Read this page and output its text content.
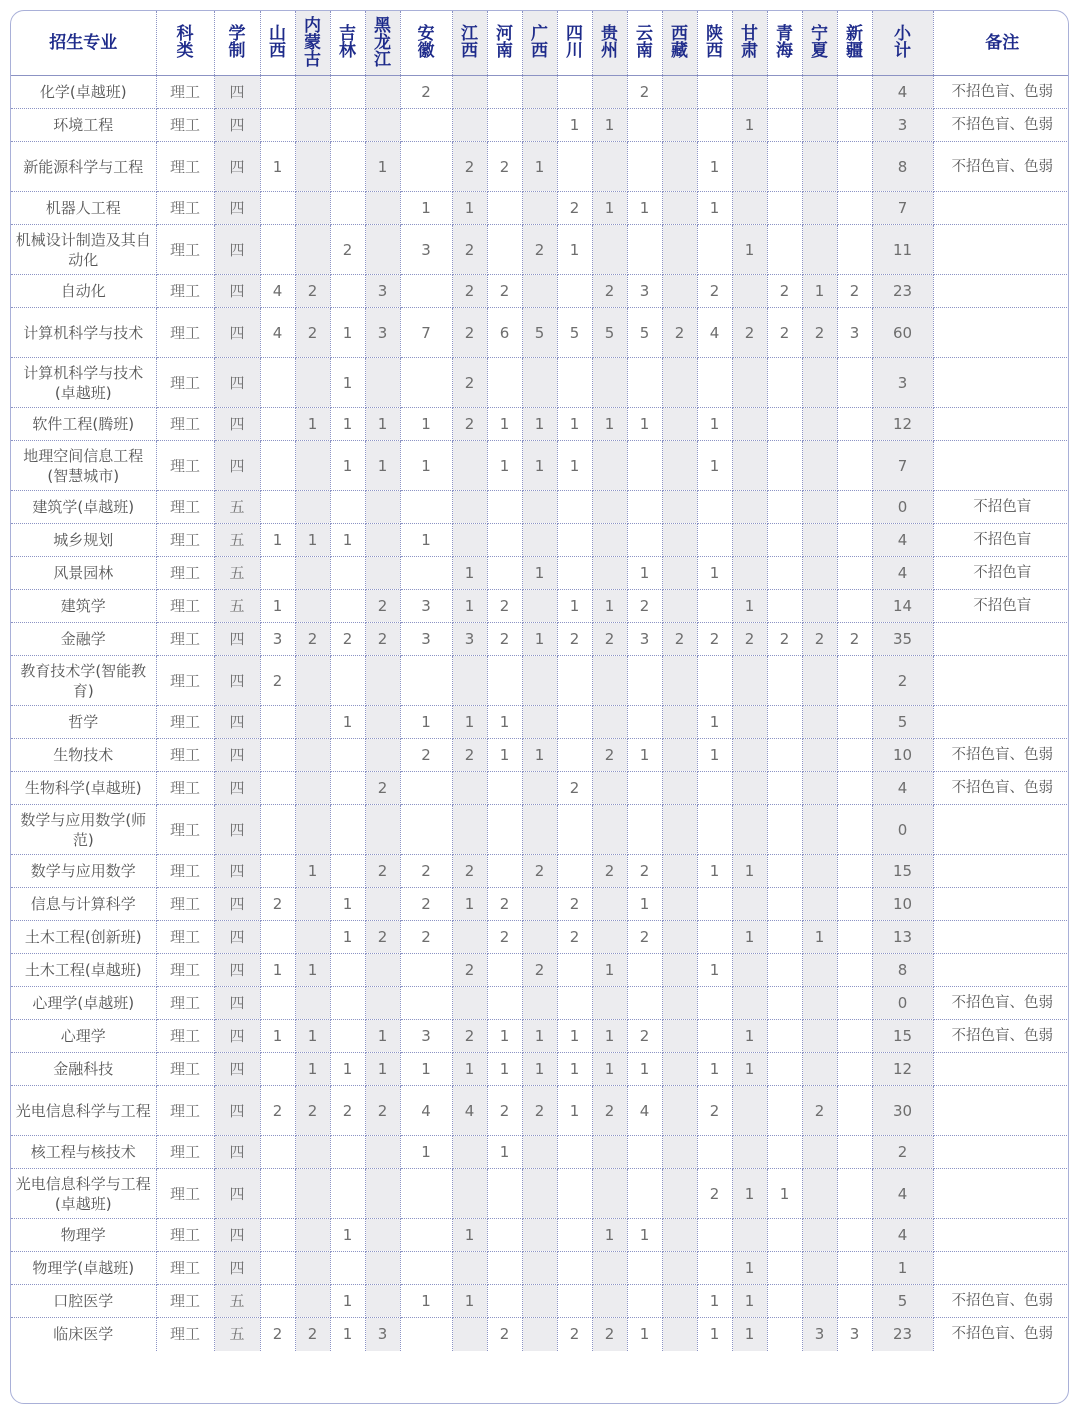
招生专业	科类	学制	山西	内蒙古	吉林	黑龙江	安徽	江西	河南	广西	四川	贵州	云南	西藏	陕西	甘肃	青海	宁夏	新疆	小计	备注
化学(卓越班)	理工	四					2						2							4	不招色盲、色弱
环境工程	理工	四									1	1				1				3	不招色盲、色弱
新能源科学与工程	理工	四	1			1		2	2	1					1					8	不招色盲、色弱
机器人工程	理工	四					1	1			2	1	1		1					7	
机械设计制造及其自动化	理工	四			2		3	2		2	1					1				11	
自动化	理工	四	4	2		3		2	2			2	3		2		2	1	2	23	
计算机科学与技术	理工	四	4	2	1	3	7	2	6	5	5	5	5	2	4	2	2	2	3	60	
计算机科学与技术(卓越班)	理工	四			1			2												3	
软件工程(腾班)	理工	四		1	1	1	1	2	1	1	1	1	1		1					12	
地理空间信息工程(智慧城市)	理工	四			1	1	1		1	1	1				1					7	
建筑学(卓越班)	理工	五																		0	不招色盲
城乡规划	理工	五	1	1	1		1													4	不招色盲
风景园林	理工	五						1		1			1		1					4	不招色盲
建筑学	理工	五	1			2	3	1	2		1	1	2			1				14	不招色盲
金融学	理工	四	3	2	2	2	3	3	2	1	2	2	3	2	2	2	2	2	2	35	
教育技术学(智能教育)	理工	四	2																	2	
哲学	理工	四			1		1	1	1						1					5	
生物技术	理工	四					2	2	1	1		2	1		1					10	不招色盲、色弱
生物科学(卓越班)	理工	四				2					2									4	不招色盲、色弱
数学与应用数学(师范)	理工	四																		0	
数学与应用数学	理工	四		1		2	2	2		2		2	2		1	1				15	
信息与计算科学	理工	四	2		1		2	1	2		2		1							10	
土木工程(创新班)	理工	四			1	2	2		2		2		2			1		1		13	
土木工程(卓越班)	理工	四	1	1				2		2		1			1					8	
心理学(卓越班)	理工	四																		0	不招色盲、色弱
心理学	理工	四	1	1		1	3	2	1	1	1	1	2			1				15	不招色盲、色弱
金融科技	理工	四		1	1	1	1	1	1	1	1	1	1		1	1				12	
光电信息科学与工程	理工	四	2	2	2	2	4	4	2	2	1	2	4		2			2		30	
核工程与核技术	理工	四					1		1											2	
光电信息科学与工程(卓越班)	理工	四													2	1	1			4	
物理学	理工	四			1			1				1	1							4	
物理学(卓越班)	理工	四														1				1	
口腔医学	理工	五			1		1	1							1	1				5	不招色盲、色弱
临床医学	理工	五	2	2	1	3			2		2	2	1		1	1		3	3	23	不招色盲、色弱
